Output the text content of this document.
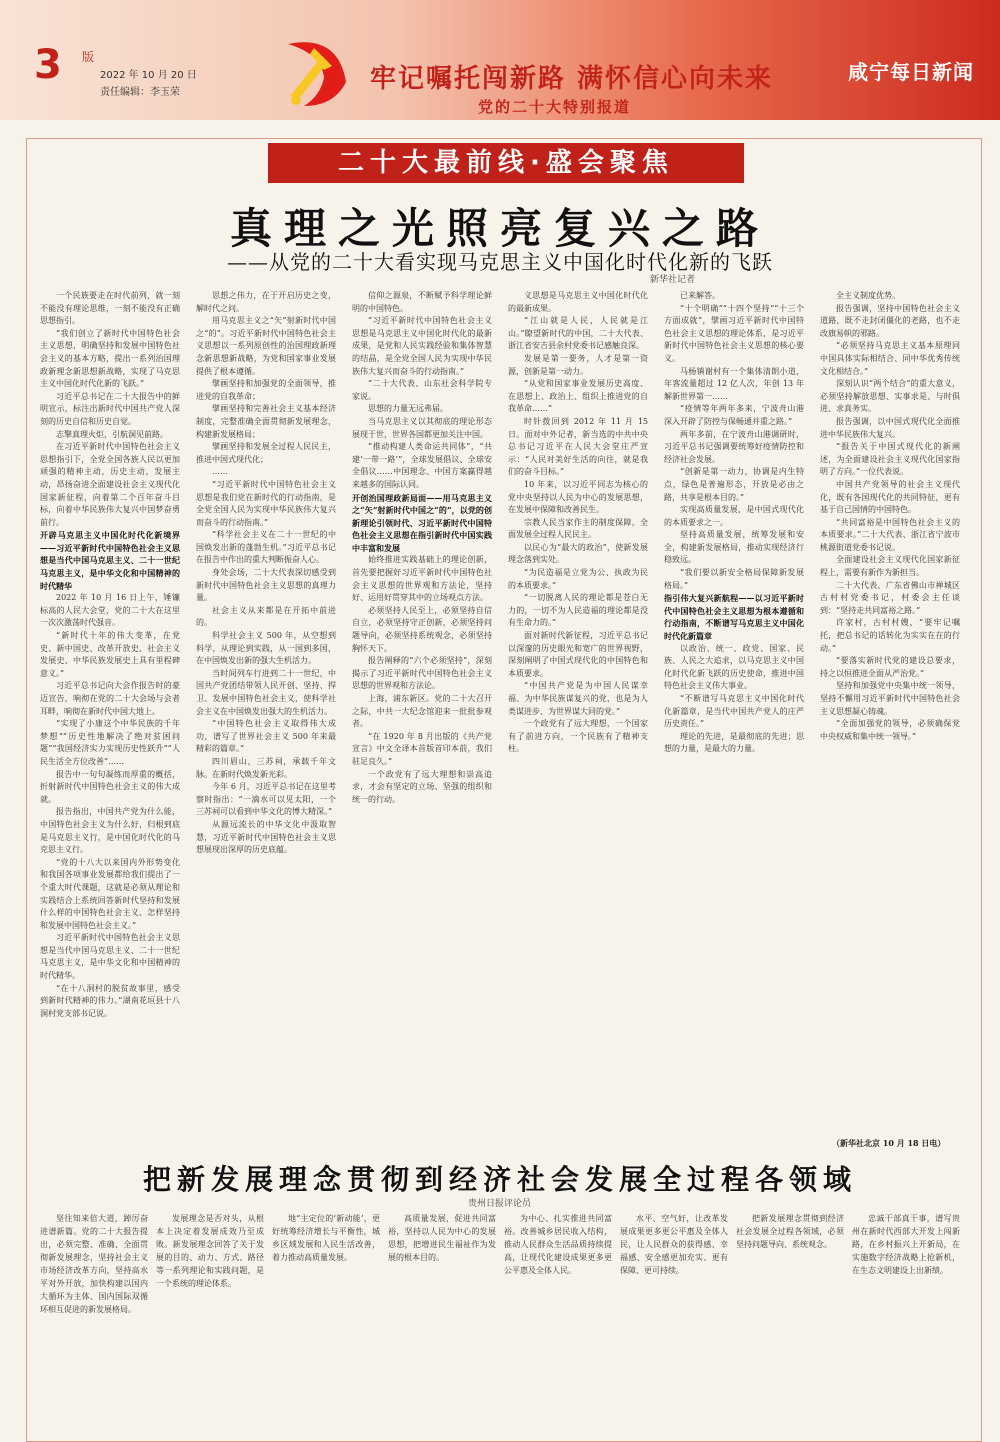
3 版
2022 年 10 月 20 日
责任编辑：李玉荣	牢记嘱托闯新路 满怀信心向未来
党的二十大特别报道
咸宁每日新闻
二十大最前线·盛会聚焦
真理之光照亮复兴之路
——从党的二十大看实现马克思主义中国化时代化新的飞跃
新华社记者

一个民族要走在时代前列，就一刻不能没有理论思维，一刻不能没有正确思想指引。

“我们创立了新时代中国特色社会主义思想，明确坚持和发展中国特色社会主义的基本方略，提出一系列治国理政新理念新思想新战略，实现了马克思主义中国化时代化新的飞跃。”

习近平总书记在二十大报告中的鲜明宣示，标注出新时代中国共产党人深刻的历史自信和历史自觉。

志擎真理火炬，引航洞见前路。

在习近平新时代中国特色社会主义思想指引下，全党全国各族人民以更加顽强的精神主动，历史主动，发展主动，昂扬奋进全面建设社会主义现代化国家新征程，向着第二个百年奋斗目标，向着中华民族伟大复兴中国梦奋勇前行。

开辟马克思主义中国化时代化新境界——习近平新时代中国特色社会主义思想是当代中国马克思主义、二十一世纪马克思主义，是中华文化和中国精神的时代精华

2022 年 10 月 16 日上午，锤镰标高的人民大会堂，党的二十大在这里一次次激荡时代强音。

“新时代十年的伟大变革，在党史、新中国史、改革开放史、社会主义发展史、中华民族发展史上具有里程碑意义。”

习近平总书记向大会作报告时的豪迈宣告，响彻在党的二十大会场与会者耳畔，响彻在新时代中国大地上。

“实现了小康这个中华民族的千年梦想”“历史性地解决了绝对贫困问题”“我国经济实力实现历史性跃升”“人民生活全方位改善”……

报告中一句句凝练而厚重的概括，折射新时代中国特色社会主义的伟大成就。

报告指出，中国共产党为什么能，中国特色社会主义为什么好，归根到底是马克思主义行，是中国化时代化的马克思主义行。

“党的十八大以来国内外形势变化和我国各项事业发展都给我们提出了一个重大时代课题，这就是必须从理论和实践结合上系统回答新时代坚持和发展什么样的中国特色社会主义、怎样坚持和发展中国特色社会主义。”

习近平新时代中国特色社会主义思想是当代中国马克思主义、二十一世纪马克思主义，是中华文化和中国精神的时代精华。

“在十八洞村的脱贫故事里，感受到新时代精神的伟力。”湖南花垣县十八洞村党支部书记说。

思想之伟力，在于开启历史之变，解时代之问。

用马克思主义之“矢”射新时代中国之“的”。习近平新时代中国特色社会主义思想以一系列原创性的治国理政新理念新思想新战略，为党和国家事业发展提供了根本遵循。

擘画坚持和加强党的全面领导，推进党的自我革命；

擘画坚持和完善社会主义基本经济制度，完整准确全面贯彻新发展理念，构建新发展格局；

擘画坚持和发展全过程人民民主，推进中国式现代化；

……

“习近平新时代中国特色社会主义思想是我们党在新时代的行动指南，是全党全国人民为实现中华民族伟大复兴而奋斗的行动指南。”

“科学社会主义在二十一世纪的中国焕发出新的蓬勃生机。”习近平总书记在报告中作出的重大判断振奋人心。

身处会场，二十大代表深切感受到新时代中国特色社会主义思想的真理力量。

社会主义从来都是在开拓中前进的。

科学社会主义 500 年，从空想到科学，从理论到实践，从一国到多国，在中国焕发出新的强大生机活力。

当时间列车行进到二十一世纪，中国共产党团结带领人民开创、坚持、捍卫、发展中国特色社会主义，使科学社会主义在中国焕发出强大的生机活力。

“中国特色社会主义取得伟大成功，谱写了世界社会主义 500 年来最精彩的篇章。”

四川眉山，三苏祠，承载千年文脉。在新时代焕发新光彩。

今年 6 月，习近平总书记在这里考察时指出：“一滴水可以见太阳，一个三苏祠可以看到中华文化的博大精深。”

从源远流长的中华文化中汲取智慧，习近平新时代中国特色社会主义思想展现出深厚的历史底蕴。

信仰之源泉，不断赋予科学理论鲜明的中国特色。

“习近平新时代中国特色社会主义思想是马克思主义中国化时代化的最新成果，是党和人民实践经验和集体智慧的结晶，是全党全国人民为实现中华民族伟大复兴而奋斗的行动指南。”

“二十大代表、山东社会科学院专家说。

思想的力量无远弗届。

当马克思主义以其彻底的理论形态展现于世，世界各国都更加关注中国。

“推动构建人类命运共同体”，“共建‘一带一路’”，全球发展倡议、全球安全倡议……中国理念、中国方案赢得越来越多的国际认同。

开创治国理政新局面——用马克思主义之“矢”射新时代中国之“的”，以党的创新理论引领时代、习近平新时代中国特色社会主义思想在指引新时代中国实践中丰富和发展

始终推进实践基础上的理论创新，首先要把握好习近平新时代中国特色社会主义思想的世界观和方法论，坚持好、运用好贯穿其中的立场观点方法。

必须坚持人民至上，必须坚持自信自立，必须坚持守正创新，必须坚持问题导向，必须坚持系统观念，必须坚持胸怀天下。

报告阐释的“六个必须坚持”，深刻揭示了习近平新时代中国特色社会主义思想的世界观和方法论。

上海，浦东新区。党的二十大召开之际，中共一大纪念馆迎来一批批参观者。

“在 1920 年 8 月出版的《共产党宣言》中文全译本首版首印本前，我们驻足良久。”

一个政党有了远大理想和崇高追求，才会有坚定的立场、坚强的组织和统一的行动。

义思想是马克思主义中国化时代化的最新成果。

“江山就是人民，人民就是江山。”瞭望新时代的中国，二十大代表、浙江省安吉县余村党委书记感触良深。

发展是第一要务，人才是第一资源，创新是第一动力。

“从党和国家事业发展历史高度、在思想上、政治上、组织上推进党的自我革命……”

时针拨回到 2012 年 11 月 15 日。面对中外记者，新当选的中共中央总书记习近平在人民大会堂庄严宣示：“人民对美好生活的向往，就是我们的奋斗目标。”

10 年来，以习近平同志为核心的党中央坚持以人民为中心的发展思想，在发展中保障和改善民生。

宗教人民当家作主的制度保障，全面发展全过程人民民主。

以民心为“最大的政治”，使新发展理念落到实处。

“为民造福是立党为公、执政为民的本质要求。”

“一切脱离人民的理论都是苍白无力的，一切不为人民造福的理论都是没有生命力的。”

面对新时代新征程，习近平总书记以深邃的历史眼光和宽广的世界视野，深刻阐明了中国式现代化的中国特色和本质要求。

“中国共产党是为中国人民谋幸福、为中华民族谋复兴的党，也是为人类谋进步、为世界谋大同的党。”

一个政党有了远大理想，一个国家有了前进方向，一个民族有了精神支柱。

已来解答。

“十个明确”“十四个坚持”“十三个方面成就”，擘画习近平新时代中国特色社会主义思想的理论体系，是习近平新时代中国特色社会主义思想的核心要义。

马杨镇谢村有一个集体清朗小道，年客流量超过 12 亿人次，年创 13 年解新世界第一……

“疫情等年两年多来，宁波舟山港深入开辟了防控与保畅通并重之路。”

两年多前，在宁波舟山港调研时，习近平总书记强调要统筹好疫情防控和经济社会发展。

“创新是第一动力，协调是内生特点，绿色是普遍形态，开放是必由之路，共享是根本目的。”

实现高质量发展，是中国式现代化的本质要求之一。

坚持高质量发展，统筹发展和安全，构建新发展格局，推动实现经济行稳致远。

“我们要以新安全格局保障新发展格局。”

指引伟大复兴新航程——以习近平新时代中国特色社会主义思想为根本遵循和行动指南，不断谱写马克思主义中国化时代化新篇章

以政治、统一、政党、国家、民族、人民之大追求，以马克思主义中国化时代化新飞跃的历史使命，推进中国特色社会主义伟大事业。

“不断谱写马克思主义中国化时代化新篇章，是当代中国共产党人的庄严历史责任。”

理论的先进，是最彻底的先进；思想的力量，是最大的力量。

全主义制度优势。

报告强调，坚持中国特色社会主义道路，既不走封闭僵化的老路，也不走改旗易帜的邪路。

“必须坚持马克思主义基本原理同中国具体实际相结合、同中华优秀传统文化相结合。”

深刻认识“两个结合”的重大意义，必须坚持解放思想、实事求是、与时俱进、求真务实。

报告强调，以中国式现代化全面推进中华民族伟大复兴。

“报告关于中国式现代化的新阐述，为全面建设社会主义现代化国家指明了方向。”一位代表说。

中国共产党领导的社会主义现代化，既有各国现代化的共同特征，更有基于自己国情的中国特色。

“共同富裕是中国特色社会主义的本质要求。”二十大代表、浙江省宁波市桃源街道党委书记说。

全面建设社会主义现代化国家新征程上，需要有新作为新担当。

二十大代表、广东省佛山市禅城区古村村党委书记，村委会主任谈到：“坚持走共同富裕之路。”

许家村，古村村嫂，“要牢记嘱托，把总书记的话转化为实实在在的行动。”

“要落实新时代党的建设总要求，持之以恒推进全面从严治党。”

坚持和加强党中央集中统一领导，坚持不懈用习近平新时代中国特色社会主义思想凝心铸魂。

“全面加强党的领导，必须确保党中央权威和集中统一领导。”

（新华社北京 10 月 18 日电）
把新发展理念贯彻到经济社会发展全过程各领域
贵州日报评论员

坚往知来倍大道，踔厉奋进谱新篇。党的二十大报告提出，必须完整、准确、全面贯彻新发展理念，坚持社会主义市场经济改革方向，坚持高水平对外开放，加快构建以国内大循环为主体、国内国际双循环相互促进的新发展格局。

发展理念是否对头，从根本上决定着发展成效乃至成败。新发展理念回答了关于发展的目的、动力、方式、路径等一系列理论和实践问题，是一个系统的理论体系。

地“主定位的‘新动能’，更好统筹经济增长与平衡性，城乡区域发展和人民生活改善，着力推动高质量发展。

高质量发展，促进共同富裕，坚持以人民为中心的发展思想，把增进民生福祉作为发展的根本目的。

为中心、扎实推进共同富裕。改善城乡居民收入结构，推动人民群众生活品质持续提高，让现代化建设成果更多更公平惠及全体人民。

水平、空气好，让改革发展成果更多更公平惠及全体人民，让人民群众的获得感、幸福感、安全感更加充实、更有保障、更可持续。

把新发展理念贯彻到经济社会发展全过程各领域，必须坚持问题导向、系统观念。

忠诚干部真干事，谱写贵州在新时代西部大开发上闯新路，在乡村振兴上开新局，在实施数字经济战略上抢新机，在生态文明建设上出新绩。
